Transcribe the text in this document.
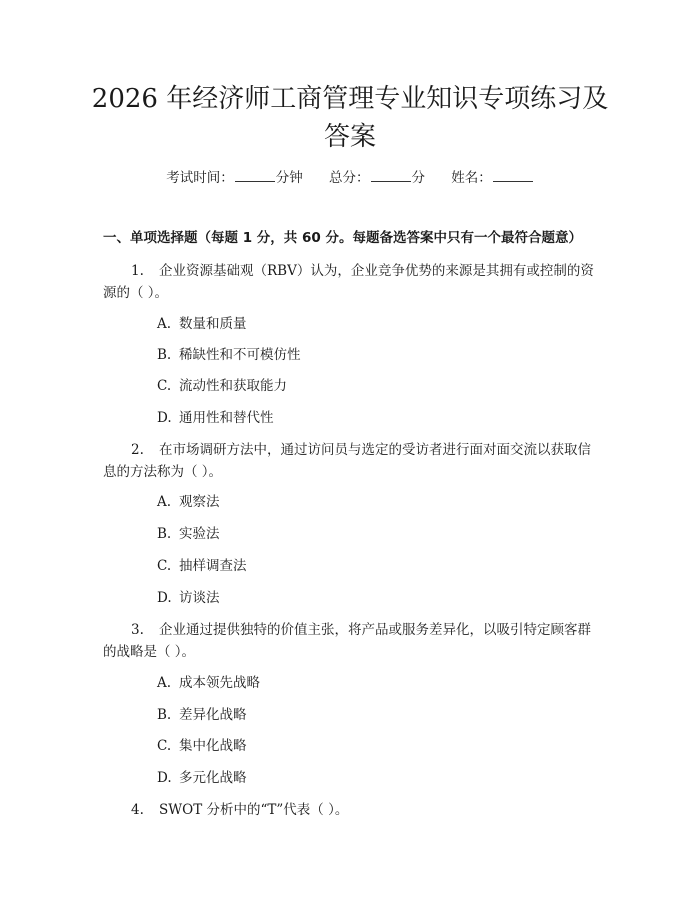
2026 年经济师工商管理专业知识专项练习及
答案
考试时间：	分钟 总分：	分 姓名：
一、单项选择题（每题 1 分，共 60 分。每题备选答案中只有一个最符合题意）
1. 企业资源基础观（RBV）认为，企业竞争优势的来源是其拥有或控制的资
源的（ ）。
A. 数量和质量
B. 稀缺性和不可模仿性
C. 流动性和获取能力
D. 通用性和替代性
2. 在市场调研方法中，通过访问员与选定的受访者进行面对面交流以获取信
息的方法称为（ ）。
A. 观察法
B. 实验法
C. 抽样调查法
D. 访谈法
3. 企业通过提供独特的价值主张，将产品或服务差异化，以吸引特定顾客群
的战略是（ ）。
A. 成本领先战略
B. 差异化战略
C. 集中化战略
D. 多元化战略
4. SWOT 分析中的“T”代表（ ）。
